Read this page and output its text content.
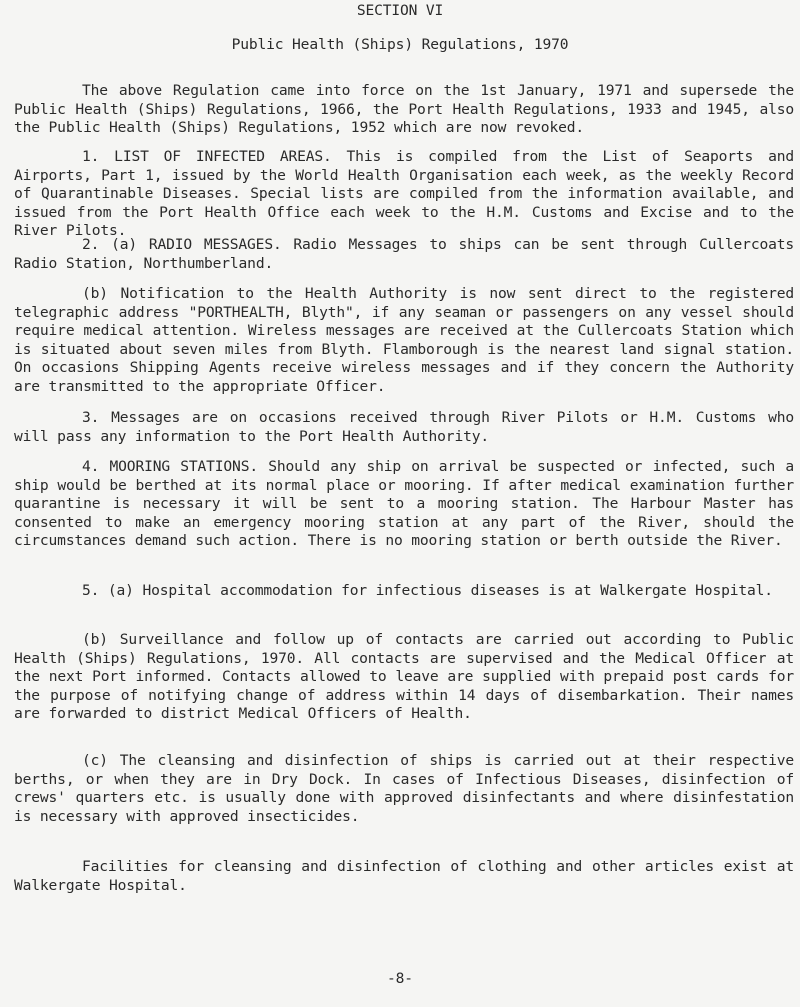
SECTION VI
Public Health (Ships) Regulations, 1970
The above Regulation came into force on the 1st January, 1971 and supersede the Public Health (Ships) Regulations, 1966, the Port Health Regulations, 1933 and 1945, also the Public Health (Ships) Regulations, 1952 which are now revoked.
1. LIST OF INFECTED AREAS. This is compiled from the List of Seaports and Airports, Part 1, issued by the World Health Organisation each week, as the weekly Record of Quarantinable Diseases. Special lists are compiled from the information available, and issued from the Port Health Office each week to the H.M. Customs and Excise and to the River Pilots.
2. (a) RADIO MESSAGES. Radio Messages to ships can be sent through Cullercoats Radio Station, Northumberland.
(b) Notification to the Health Authority is now sent direct to the registered telegraphic address "PORTHEALTH, Blyth", if any seaman or passengers on any vessel should require medical attention. Wireless messages are received at the Cullercoats Station which is situated about seven miles from Blyth. Flamborough is the nearest land signal station. On occasions Shipping Agents receive wireless messages and if they concern the Authority are transmitted to the appropriate Officer.
3. Messages are on occasions received through River Pilots or H.M. Customs who will pass any information to the Port Health Authority.
4. MOORING STATIONS. Should any ship on arrival be suspected or infected, such a ship would be berthed at its normal place or mooring. If after medical examination further quarantine is necessary it will be sent to a mooring station. The Harbour Master has consented to make an emergency mooring station at any part of the River, should the circumstances demand such action. There is no mooring station or berth outside the River.
5. (a) Hospital accommodation for infectious diseases is at Walkergate Hospital.
(b) Surveillance and follow up of contacts are carried out according to Public Health (Ships) Regulations, 1970. All contacts are supervised and the Medical Officer at the next Port informed. Contacts allowed to leave are supplied with prepaid post cards for the purpose of notifying change of address within 14 days of disembarkation. Their names are forwarded to district Medical Officers of Health.
(c) The cleansing and disinfection of ships is carried out at their respective berths, or when they are in Dry Dock. In cases of Infectious Diseases, disinfection of crews' quarters etc. is usually done with approved disinfectants and where disinfestation is necessary with approved insecticides.
Facilities for cleansing and disinfection of clothing and other articles exist at Walkergate Hospital.
-8-
